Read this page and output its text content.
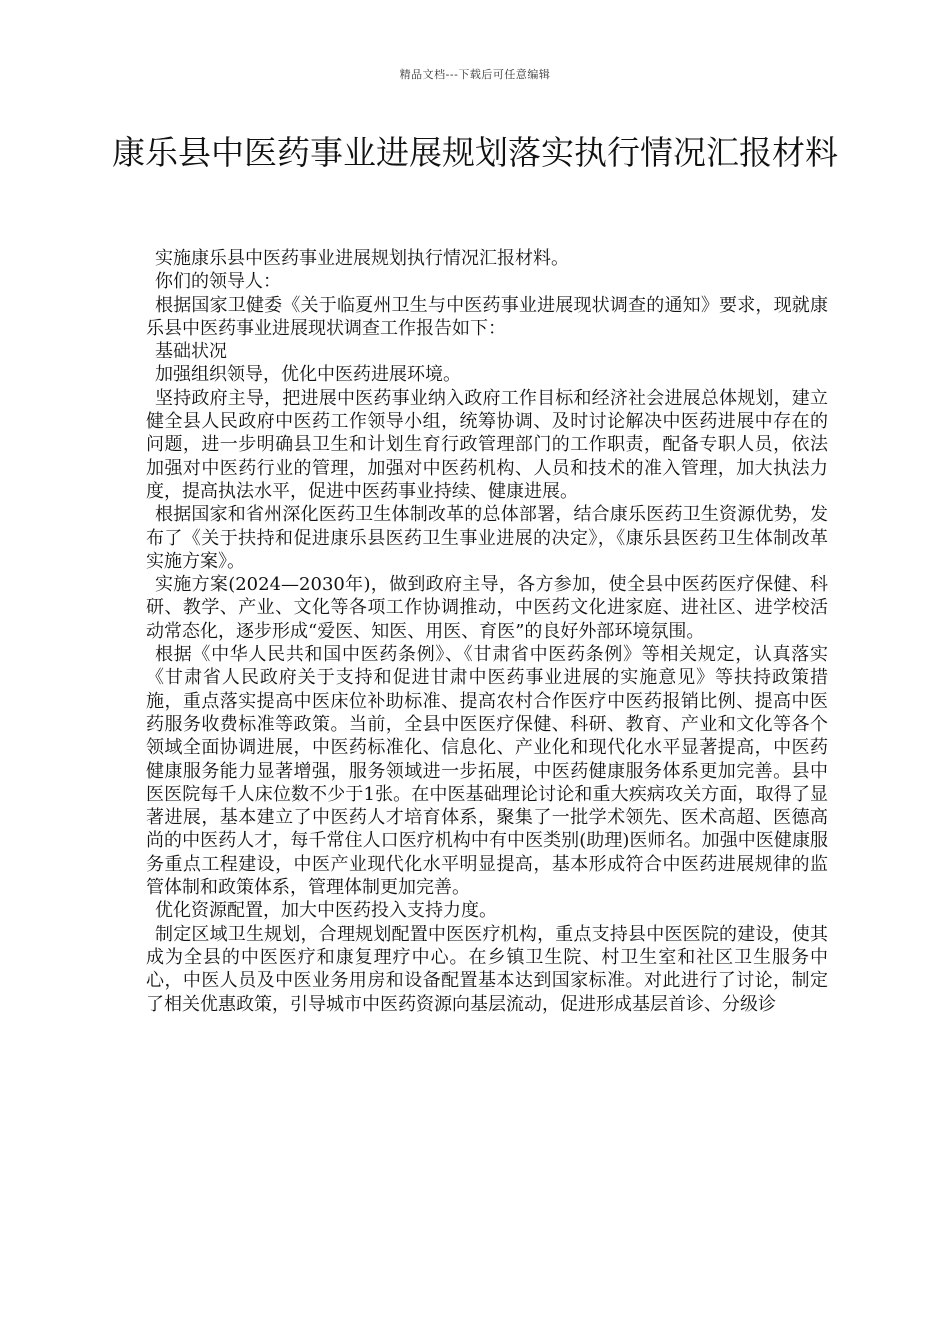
精品文档---下载后可任意编辑
康乐县中医药事业进展规划落实执行情况汇报材料

实施康乐县中医药事业进展规划执行情况汇报材料。

你们的领导人：

根据国家卫健委《关于临夏州卫生与中医药事业进展现状调查的通知》要求，现就康乐县中医药事业进展现状调查工作报告如下：

基础状况

加强组织领导，优化中医药进展环境。

坚持政府主导，把进展中医药事业纳入政府工作目标和经济社会进展总体规划，建立健全县人民政府中医药工作领导小组，统筹协调、及时讨论解决中医药进展中存在的问题，进一步明确县卫生和计划生育行政管理部门的工作职责，配备专职人员，依法加强对中医药行业的管理，加强对中医药机构、人员和技术的准入管理，加大执法力度，提高执法水平，促进中医药事业持续、健康进展。

根据国家和省州深化医药卫生体制改革的总体部署，结合康乐医药卫生资源优势，发布了《关于扶持和促进康乐县医药卫生事业进展的决定》，《康乐县医药卫生体制改革实施方案》。

实施方案(2024—2030年)，做到政府主导，各方参加，使全县中医药医疗保健、科研、教学、产业、文化等各项工作协调推动，中医药文化进家庭、进社区、进学校活动常态化，逐步形成“爱医、知医、用医、育医”的良好外部环境氛围。

根据《中华人民共和国中医药条例》、《甘肃省中医药条例》等相关规定，认真落实《甘肃省人民政府关于支持和促进甘肃中医药事业进展的实施意见》等扶持政策措施，重点落实提高中医床位补助标准、提高农村合作医疗中医药报销比例、提高中医药服务收费标准等政策。当前，全县中医医疗保健、科研、教育、产业和文化等各个领域全面协调进展，中医药标准化、信息化、产业化和现代化水平显著提高，中医药健康服务能力显著增强，服务领域进一步拓展，中医药健康服务体系更加完善。县中医医院每千人床位数不少于1张。在中医基础理论讨论和重大疾病攻关方面，取得了显著进展，基本建立了中医药人才培育体系，聚集了一批学术领先、医术高超、医德高尚的中医药人才，每千常住人口医疗机构中有中医类别(助理)医师名。加强中医健康服务重点工程建设，中医产业现代化水平明显提高，基本形成符合中医药进展规律的监管体制和政策体系，管理体制更加完善。

优化资源配置，加大中医药投入支持力度。

制定区域卫生规划，合理规划配置中医医疗机构，重点支持县中医医院的建设，使其成为全县的中医医疗和康复理疗中心。在乡镇卫生院、村卫生室和社区卫生服务中心，中医人员及中医业务用房和设备配置基本达到国家标准。对此进行了讨论，制定了相关优惠政策，引导城市中医药资源向基层流动，促进形成基层首诊、分级诊
